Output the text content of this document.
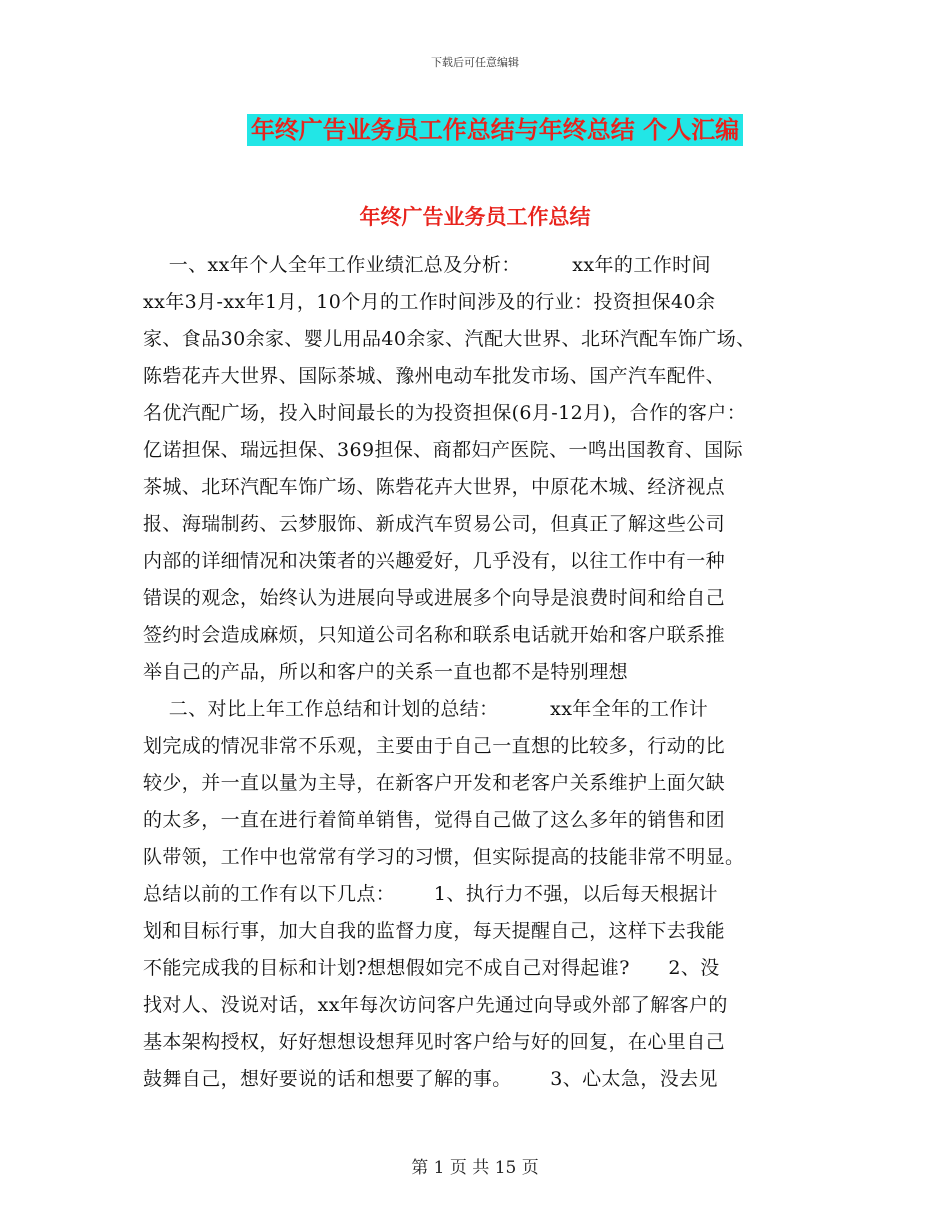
下载后可任意编辑
年终广告业务员工作总结与年终总结 个人汇编
年终广告业务员工作总结
一、xx年个人全年工作业绩汇总及分析：        xx年的工作时间
xx年3月-xx年1月，10个月的工作时间涉及的行业：投资担保40余
家、食品30余家、婴儿用品40余家、汽配大世界、北环汽配车饰广场、
陈砦花卉大世界、国际茶城、豫州电动车批发市场、国产汽车配件、
名优汽配广场，投入时间最长的为投资担保(6月-12月)，合作的客户：
亿诺担保、瑞远担保、369担保、商都妇产医院、一鸣出国教育、国际
茶城、北环汽配车饰广场、陈砦花卉大世界，中原花木城、经济视点
报、海瑞制药、云梦服饰、新成汽车贸易公司，但真正了解这些公司
内部的详细情况和决策者的兴趣爱好，几乎没有，以往工作中有一种
错误的观念，始终认为进展向导或进展多个向导是浪费时间和给自己
签约时会造成麻烦，只知道公司名称和联系电话就开始和客户联系推
举自己的产品，所以和客户的关系一直也都不是特别理想
二、对比上年工作总结和计划的总结：        xx年全年的工作计
划完成的情况非常不乐观，主要由于自己一直想的比较多，行动的比
较少，并一直以量为主导，在新客户开发和老客户关系维护上面欠缺
的太多，一直在进行着简单销售，觉得自己做了这么多年的销售和团
队带领，工作中也常常有学习的习惯，但实际提高的技能非常不明显。
总结以前的工作有以下几点：      1、执行力不强，以后每天根据计
划和目标行事，加大自我的监督力度，每天提醒自己，这样下去我能
不能完成我的目标和计划?想想假如完不成自己对得起谁?      2、没
找对人、没说对话，xx年每次访问客户先通过向导或外部了解客户的
基本架构授权，好好想想设想拜见时客户给与好的回复，在心里自己
鼓舞自己，想好要说的话和想要了解的事。      3、心太急，没去见
第 1 页 共 15 页
